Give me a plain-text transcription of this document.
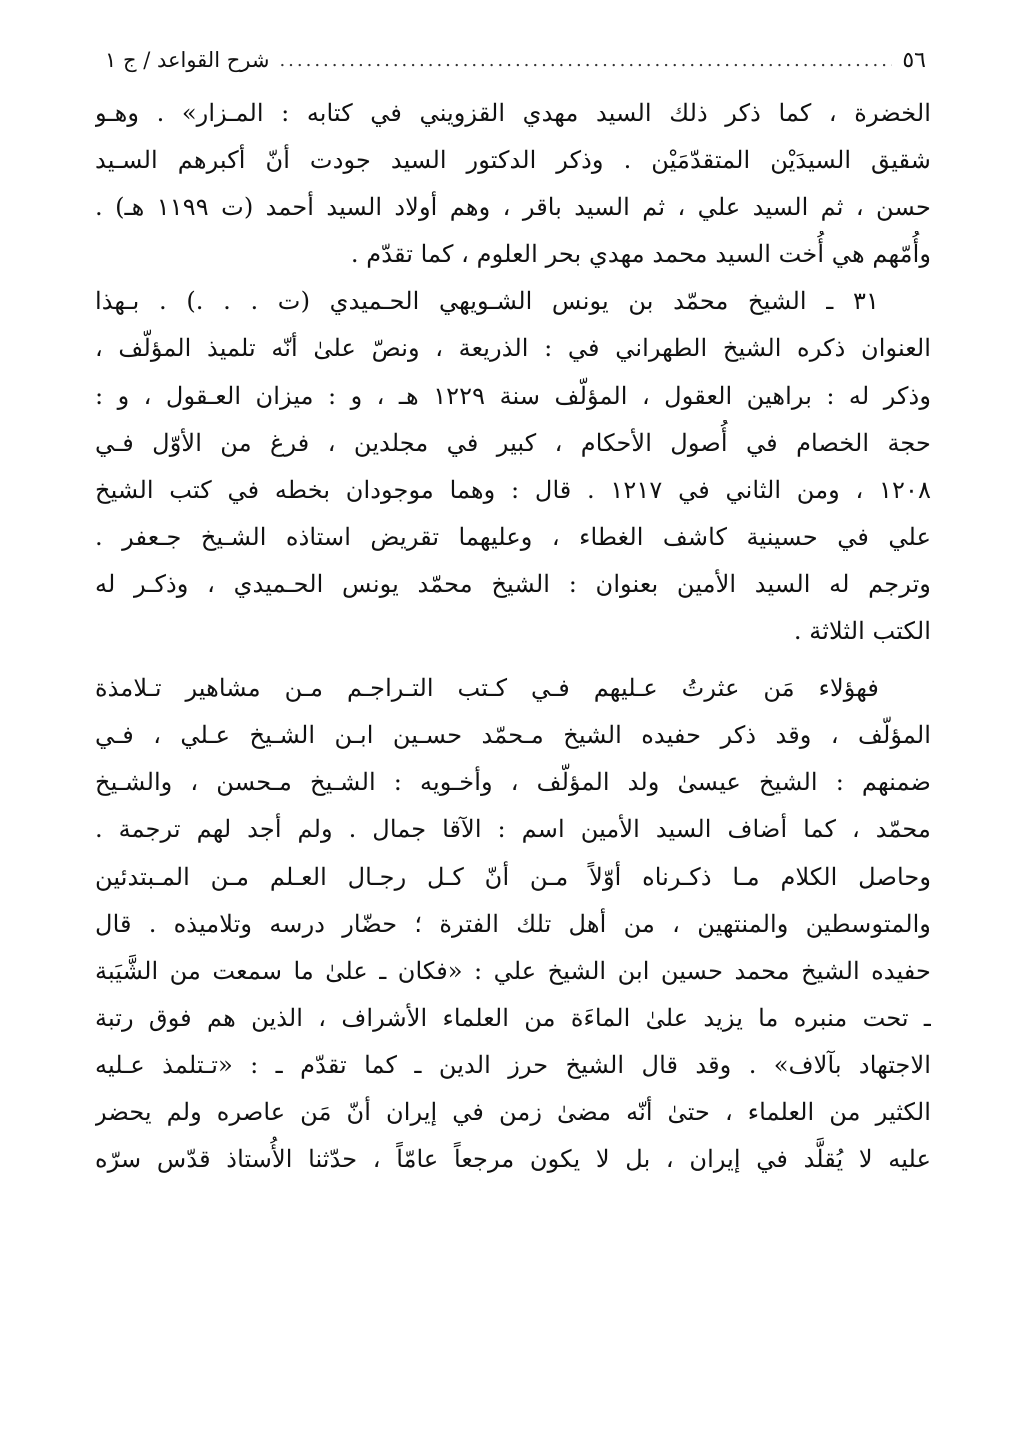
٥٦
.....
شرح القواعد / ج ١

الخضرة ، كما ذكر ذلك السيد مهدي القزويني في كتابه : المـزار» . وهـو
شقيق السيدَيْن المتقدّمَيْن . وذكر الدكتور السيد جودت أنّ أكبرهم السـيد
حسن ، ثم السيد علي ، ثم السيد باقر ، وهم أولاد السيد أحمد (ت ١١٩٩ هـ) .
وأُمّهم هي أُخت السيد محمد مهدي بحر العلوم ، كما تقدّم .

٣١ ـ الشيخ محمّد بن يونس الشـويهي الحـميدي (ت . . .) . بـهذا
العنوان ذكره الشيخ الطهراني في : الذريعة ، ونصّ علىٰ أنّه تلميذ المؤلّف ،
وذكر له : براهين العقول ، المؤلّف سنة ١٢٢٩ هـ ، و : ميزان العـقول ، و :
حجة الخصام في أُصول الأحكام ، كبير في مجلدين ، فرغ من الأوّل فـي
١٢٠٨ ، ومن الثاني في ١٢١٧ . قال : وهما موجودان بخطه في كتب الشيخ
علي في حسينية كاشف الغطاء ، وعليهما تقريض استاذه الشـيخ جـعفر .
وترجم له السيد الأمين بعنوان : الشيخ محمّد يونس الحـميدي ، وذكـر له
الكتب الثلاثة .

فهؤلاء مَن عثرتُ عـليهم فـي كـتب التـراجـم مـن مشاهير تـلامذة
المؤلّف ، وقد ذكر حفيده الشيخ مـحمّد حسـين ابـن الشـيخ عـلي ، فـي
ضمنهم : الشيخ عيسىٰ ولد المؤلّف ، وأخـويه : الشـيخ مـحسن ، والشـيخ
محمّد ، كما أضاف السيد الأمين اسم : الآقا جمال . ولم أجد لهم ترجمة .
وحاصل الكلام مـا ذكـرناه أوّلاً مـن أنّ كـل رجـال العـلم مـن المـبتدئين
والمتوسطين والمنتهين ، من أهل تلك الفترة ؛ حضّار درسه وتلاميذه . قال
حفيده الشيخ محمد حسين ابن الشيخ علي : «فكان ـ علىٰ ما سمعت من الشَّيَبة
ـ تحت منبره ما يزيد علىٰ الماءَة من العلماء الأشراف ، الذين هم فوق رتبة
الاجتهاد بآلاف» . وقد قال الشيخ حرز الدين ـ كما تقدّم ـ : «تـتلمذ عـليه
الكثير من العلماء ، حتىٰ أنّه مضىٰ زمن في إيران أنّ مَن عاصره ولم يحضر
عليه لا يُقلَّد في إيران ، بل لا يكون مرجعاً عامّاً ، حدّثنا الأُستاذ قدّس سرّه
